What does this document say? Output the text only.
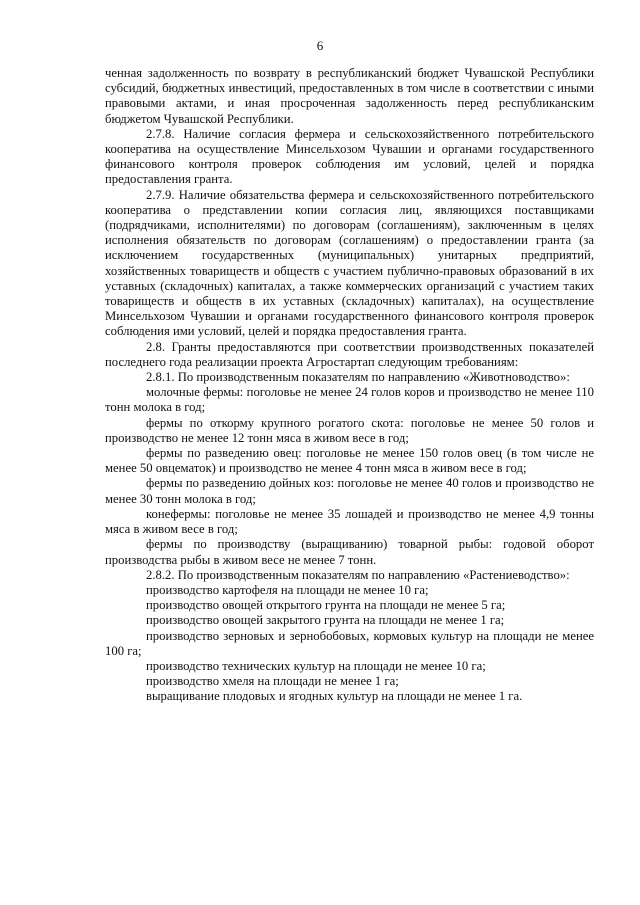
6

ченная задолженность по возврату в республиканский бюджет Чувашской Республики субсидий, бюджетных инвестиций, предоставленных в том числе в соответствии с иными правовыми актами, и иная просроченная задолженность перед республиканским бюджетом Чувашской Республики.

2.7.8. Наличие согласия фермера и сельскохозяйственного потребительского кооператива на осуществление Минсельхозом Чувашии и органами государственного финансового контроля проверок соблюдения им условий, целей и порядка предоставления гранта.

2.7.9. Наличие обязательства фермера и сельскохозяйственного потребительского кооператива о представлении копии согласия лиц, являющихся поставщиками (подрядчиками, исполнителями) по договорам (соглашениям), заключенным в целях исполнения обязательств по договорам (соглашениям) о предоставлении гранта (за исключением государственных (муниципальных) унитарных предприятий, хозяйственных товариществ и обществ с участием публично-правовых образований в их уставных (складочных) капиталах, а также коммерческих организаций с участием таких товариществ и обществ в их уставных (складочных) капиталах), на осуществление Минсельхозом Чувашии и органами государственного финансового контроля проверок соблюдения ими условий, целей и порядка предоставления гранта.

2.8. Гранты предоставляются при соответствии производственных показателей последнего года реализации проекта Агростартап следующим требованиям:

2.8.1. По производственным показателям по направлению «Животноводство»:

молочные фермы: поголовье не менее 24 голов коров и производство не менее 110 тонн молока в год;

фермы по откорму крупного рогатого скота: поголовье не менее 50 голов и производство не менее 12 тонн мяса в живом весе в год;

фермы по разведению овец: поголовье не менее 150 голов овец (в том числе не менее 50 овцематок) и производство не менее 4 тонн мяса в живом весе в год;

фермы по разведению дойных коз: поголовье не менее 40 голов и производство не менее 30 тонн молока в год;

конефермы: поголовье не менее 35 лошадей и производство не менее 4,9 тонны мяса в живом весе в год;

фермы по производству (выращиванию) товарной рыбы: годовой оборот производства рыбы в живом весе не менее 7 тонн.

2.8.2. По производственным показателям по направлению «Растениеводство»:

производство картофеля на площади не менее 10 га;

производство овощей открытого грунта на площади не менее 5 га;

производство овощей закрытого грунта на площади не менее 1 га;

производство зерновых и зернобобовых, кормовых культур на площади не менее 100 га;

производство технических культур на площади не менее 10 га;

производство хмеля на площади не менее 1 га;

выращивание плодовых и ягодных культур на площади не менее 1 га.
